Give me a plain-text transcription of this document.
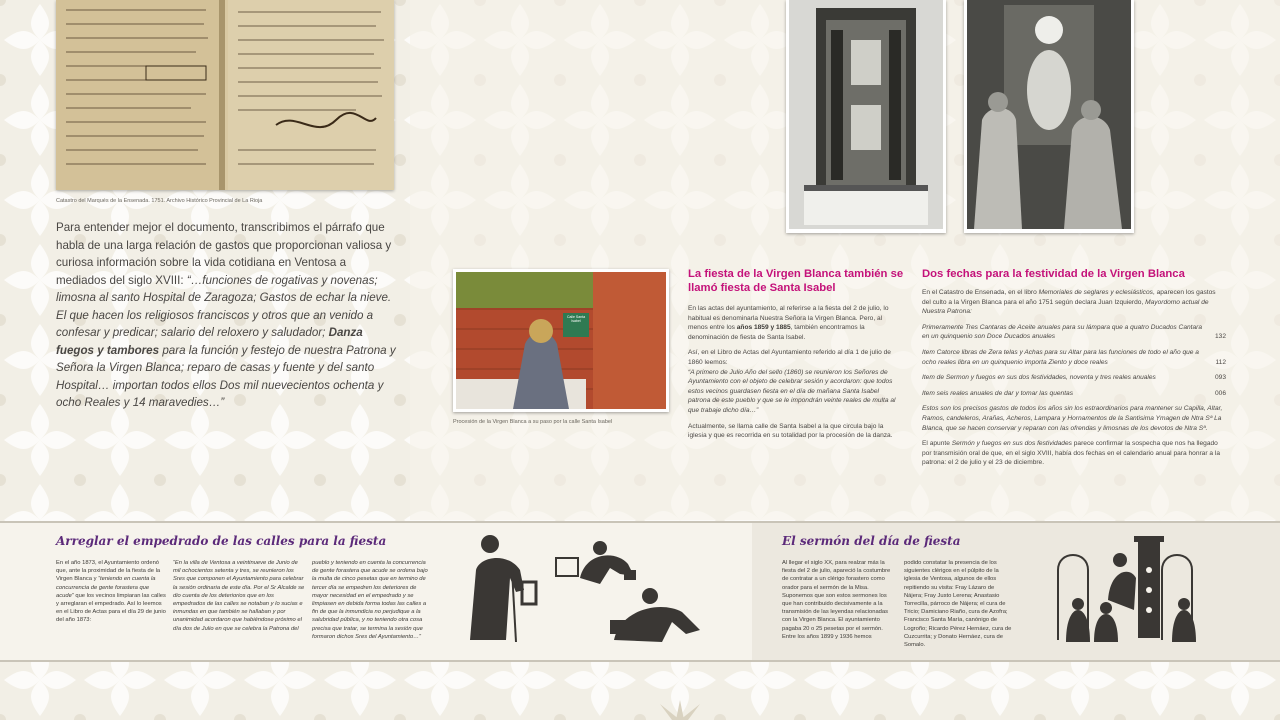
Catastro del Marqués de la Ensenada. 1751. Archivo Histórico Provincial de La Rioja
Para entender mejor el documento, transcribimos el párrafo que habla de una larga relación de gastos que proporcionan valiosa y curiosa información sobre la vida cotidiana en Ventosa a mediados del siglo XVIII: “…funciones de rogativas y novenas; limosna al santo Hospital de Zaragoza; Gastos de echar la nieve. El que hacen los religiosos franciscos y otros que an venido a confesar y predicar; salario del reloxero y saludador; Danza fuegos y tambores para la función y festejo de nuestra Patrona y Señora la Virgen Blanca; reparo de casas y fuente y del santo Hospital… importan todos ellos Dos mil nuevecientos ochenta y ocho Reales y 14 maravedies…”
Calle Santa Isabel
Procesión de la Virgen Blanca a su paso por la calle Santa Isabel
La fiesta de la Virgen Blanca también se llamó fiesta de Santa Isabel

En las actas del ayuntamiento, al referirse a la fiesta del 2 de julio, lo habitual es denominarla Nuestra Señora la Virgen Blanca. Pero, al menos entre los años 1859 y 1885, también encontramos la denominación de fiesta de Santa Isabel.

Así, en el Libro de Actas del Ayuntamiento referido al día 1 de julio de 1860 leemos:
“A primero de Julio Año del sello (1860) se reunieron los Señores de Ayuntamiento con el objeto de celebrar sesión y acordaron: que todos estos vecinos guardasen fiesta en el día de mañana Santa Isabel patrona de este pueblo y que se le impondrán veinte reales de multa al que trabaje dicho día…”

Actualmente, se llama calle de Santa Isabel a la que circula bajo la iglesia y que es recorrida en su totalidad por la procesión de la danza.

Dos fechas para la festividad de la Virgen Blanca

En el Catastro de Ensenada, en el libro Memoriales de seglares y eclesiásticos, aparecen los gastos del culto a la Virgen Blanca para el año 1751 según declara Juan Izquierdo, Mayordomo actual de Nuestra Patrona:

Primeramente Tres Cantaras de Aceite anuales para su lámpara que a quatro Ducados Cantara en un quinquenio son Doce Ducados anuales	132

Item Catorce libras de Zera telas y Achas para su Altar para las funciones de todo el año que a ocho reales libra en un quinquenio importa Ziento y doce reales	112

Item de Sermon y fuegos en sus dos festividades, noventa y tres reales anuales	093

Item seis reales anuales de dar y tomar las quentas	006

Estos son los precisos gastos de todos los años sin los estraordinarios para mantener su Capilla, Altar, Ramos, candeleros, Arañas, Acheros, Lampara y Hornamentos de la Santisima Ymagen de Ntra Sª La Blanca, que se hacen conservar y reparan con las ofrendas y limosnas de los devotos de Ntra Sª.

El apunte Sermón y fuegos en sus dos festividades parece confirmar la sospecha que nos ha llegado por transmisión oral de que, en el siglo XVIII, había dos fechas en el calendario anual para honrar a la patrona: el 2 de julio y el 23 de diciembre.

Arreglar el empedrado de las calles para la fiesta
En el año 1873, el Ayuntamiento ordenó que, ante la proximidad de la fiesta de la Virgen Blanca y “teniendo en cuenta la concurrencia de gente forastera que acude” que los vecinos limpiaran las calles y arreglaran el empedrado. Así lo leemos en el Libro de Actas para el día 29 de junio del año 1873:
“En la villa de Ventosa a veintinueve de Junio de mil ochocientos setenta y tres, se reunieron los Sres que componen el Ayuntamiento para celebrar la sesión ordinaria de este día. Por el Sr Alcalde se dio cuenta de los deteriorios que en los empedrados de las calles se notaban y lo sucias e inmundas en que también se hallaban y por unanimidad acordaron que habiéndose próximo el día dos de Julio en que se celebra la Patrona del
pueblo y teniendo en cuenta la concurrencia de gente forastera que acude se ordena bajo la multa de cinco pesetas que en termino de tercer día se empedren los deteriores de mayor necesidad en el empedrado y se limpiasen en debida forma todas las calles a fin de que la inmundicia no perjudique a la salubridad pública, y no teniendo otra cosa precisa que tratar, se termina la sesión que formaron dichos Sres del Ayuntamiento…”
El sermón del día de fiesta
Al llegar el siglo XX, para realzar más la fiesta del 2 de julio, apareció la costumbre de contratar a un clérigo forastero como orador para el sermón de la Misa. Suponemos que son estos sermones los que han contribuido decisivamente a la transmisión de las leyendas relacionadas con la Virgen Blanca. El ayuntamiento pagaba 20 o 25 pesetas por el sermón. Entre los años 1899 y 1936 hemos
podido constatar la presencia de los siguientes clérigos en el púlpito de la iglesia de Ventosa, algunos de ellos repitiendo su visita: Fray Lázaro de Nájera; Fray Justo Lerena; Anastasio Torrecilla, párroco de Nájera; el cura de Tricio; Damiciano Riaño, cura de Azofra; Francisco Santa María, canónigo de Logroño; Ricardo Pérez Hernáez, cura de Cuzcurrita; y Donato Hernáez, cura de Somalo.
